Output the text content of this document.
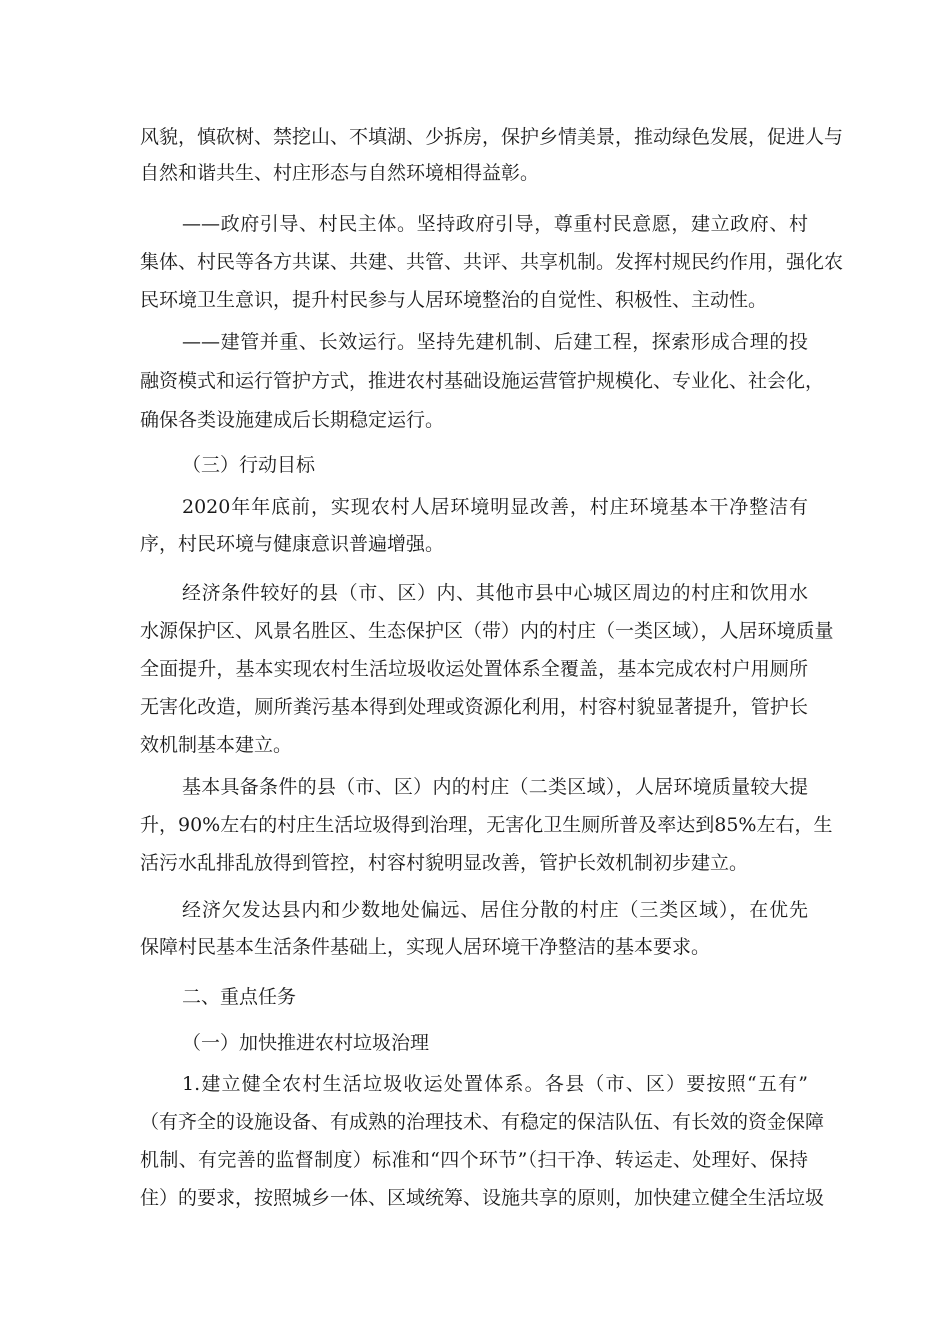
风貌，慎砍树、禁挖山、不填湖、少拆房，保护乡情美景，推动绿色发展，促进人与
自然和谐共生、村庄形态与自然环境相得益彰。
——政府引导、村民主体。坚持政府引导，尊重村民意愿，建立政府、村
集体、村民等各方共谋、共建、共管、共评、共享机制。发挥村规民约作用，强化农
民环境卫生意识，提升村民参与人居环境整治的自觉性、积极性、主动性。
——建管并重、长效运行。坚持先建机制、后建工程，探索形成合理的投
融资模式和运行管护方式，推进农村基础设施运营管护规模化、专业化、社会化，
确保各类设施建成后长期稳定运行。
（三）行动目标
2020年年底前，实现农村人居环境明显改善，村庄环境基本干净整洁有
序，村民环境与健康意识普遍增强。
经济条件较好的县（市、区）内、其他市县中心城区周边的村庄和饮用水
水源保护区、风景名胜区、生态保护区（带）内的村庄（一类区域），人居环境质量
全面提升，基本实现农村生活垃圾收运处置体系全覆盖，基本完成农村户用厕所
无害化改造，厕所粪污基本得到处理或资源化利用，村容村貌显著提升，管护长
效机制基本建立。
基本具备条件的县（市、区）内的村庄（二类区域），人居环境质量较大提
升，90%左右的村庄生活垃圾得到治理，无害化卫生厕所普及率达到85%左右，生
活污水乱排乱放得到管控，村容村貌明显改善，管护长效机制初步建立。
经济欠发达县内和少数地处偏远、居住分散的村庄（三类区域），在优先
保障村民基本生活条件基础上，实现人居环境干净整洁的基本要求。
二、重点任务
（一）加快推进农村垃圾治理
1.建立健全农村生活垃圾收运处置体系。各县（市、区）要按照“五有”
（有齐全的设施设备、有成熟的治理技术、有稳定的保洁队伍、有长效的资金保障
机制、有完善的监督制度）标准和“四个环节”（扫干净、转运走、处理好、保持
住）的要求，按照城乡一体、区域统筹、设施共享的原则，加快建立健全生活垃圾
